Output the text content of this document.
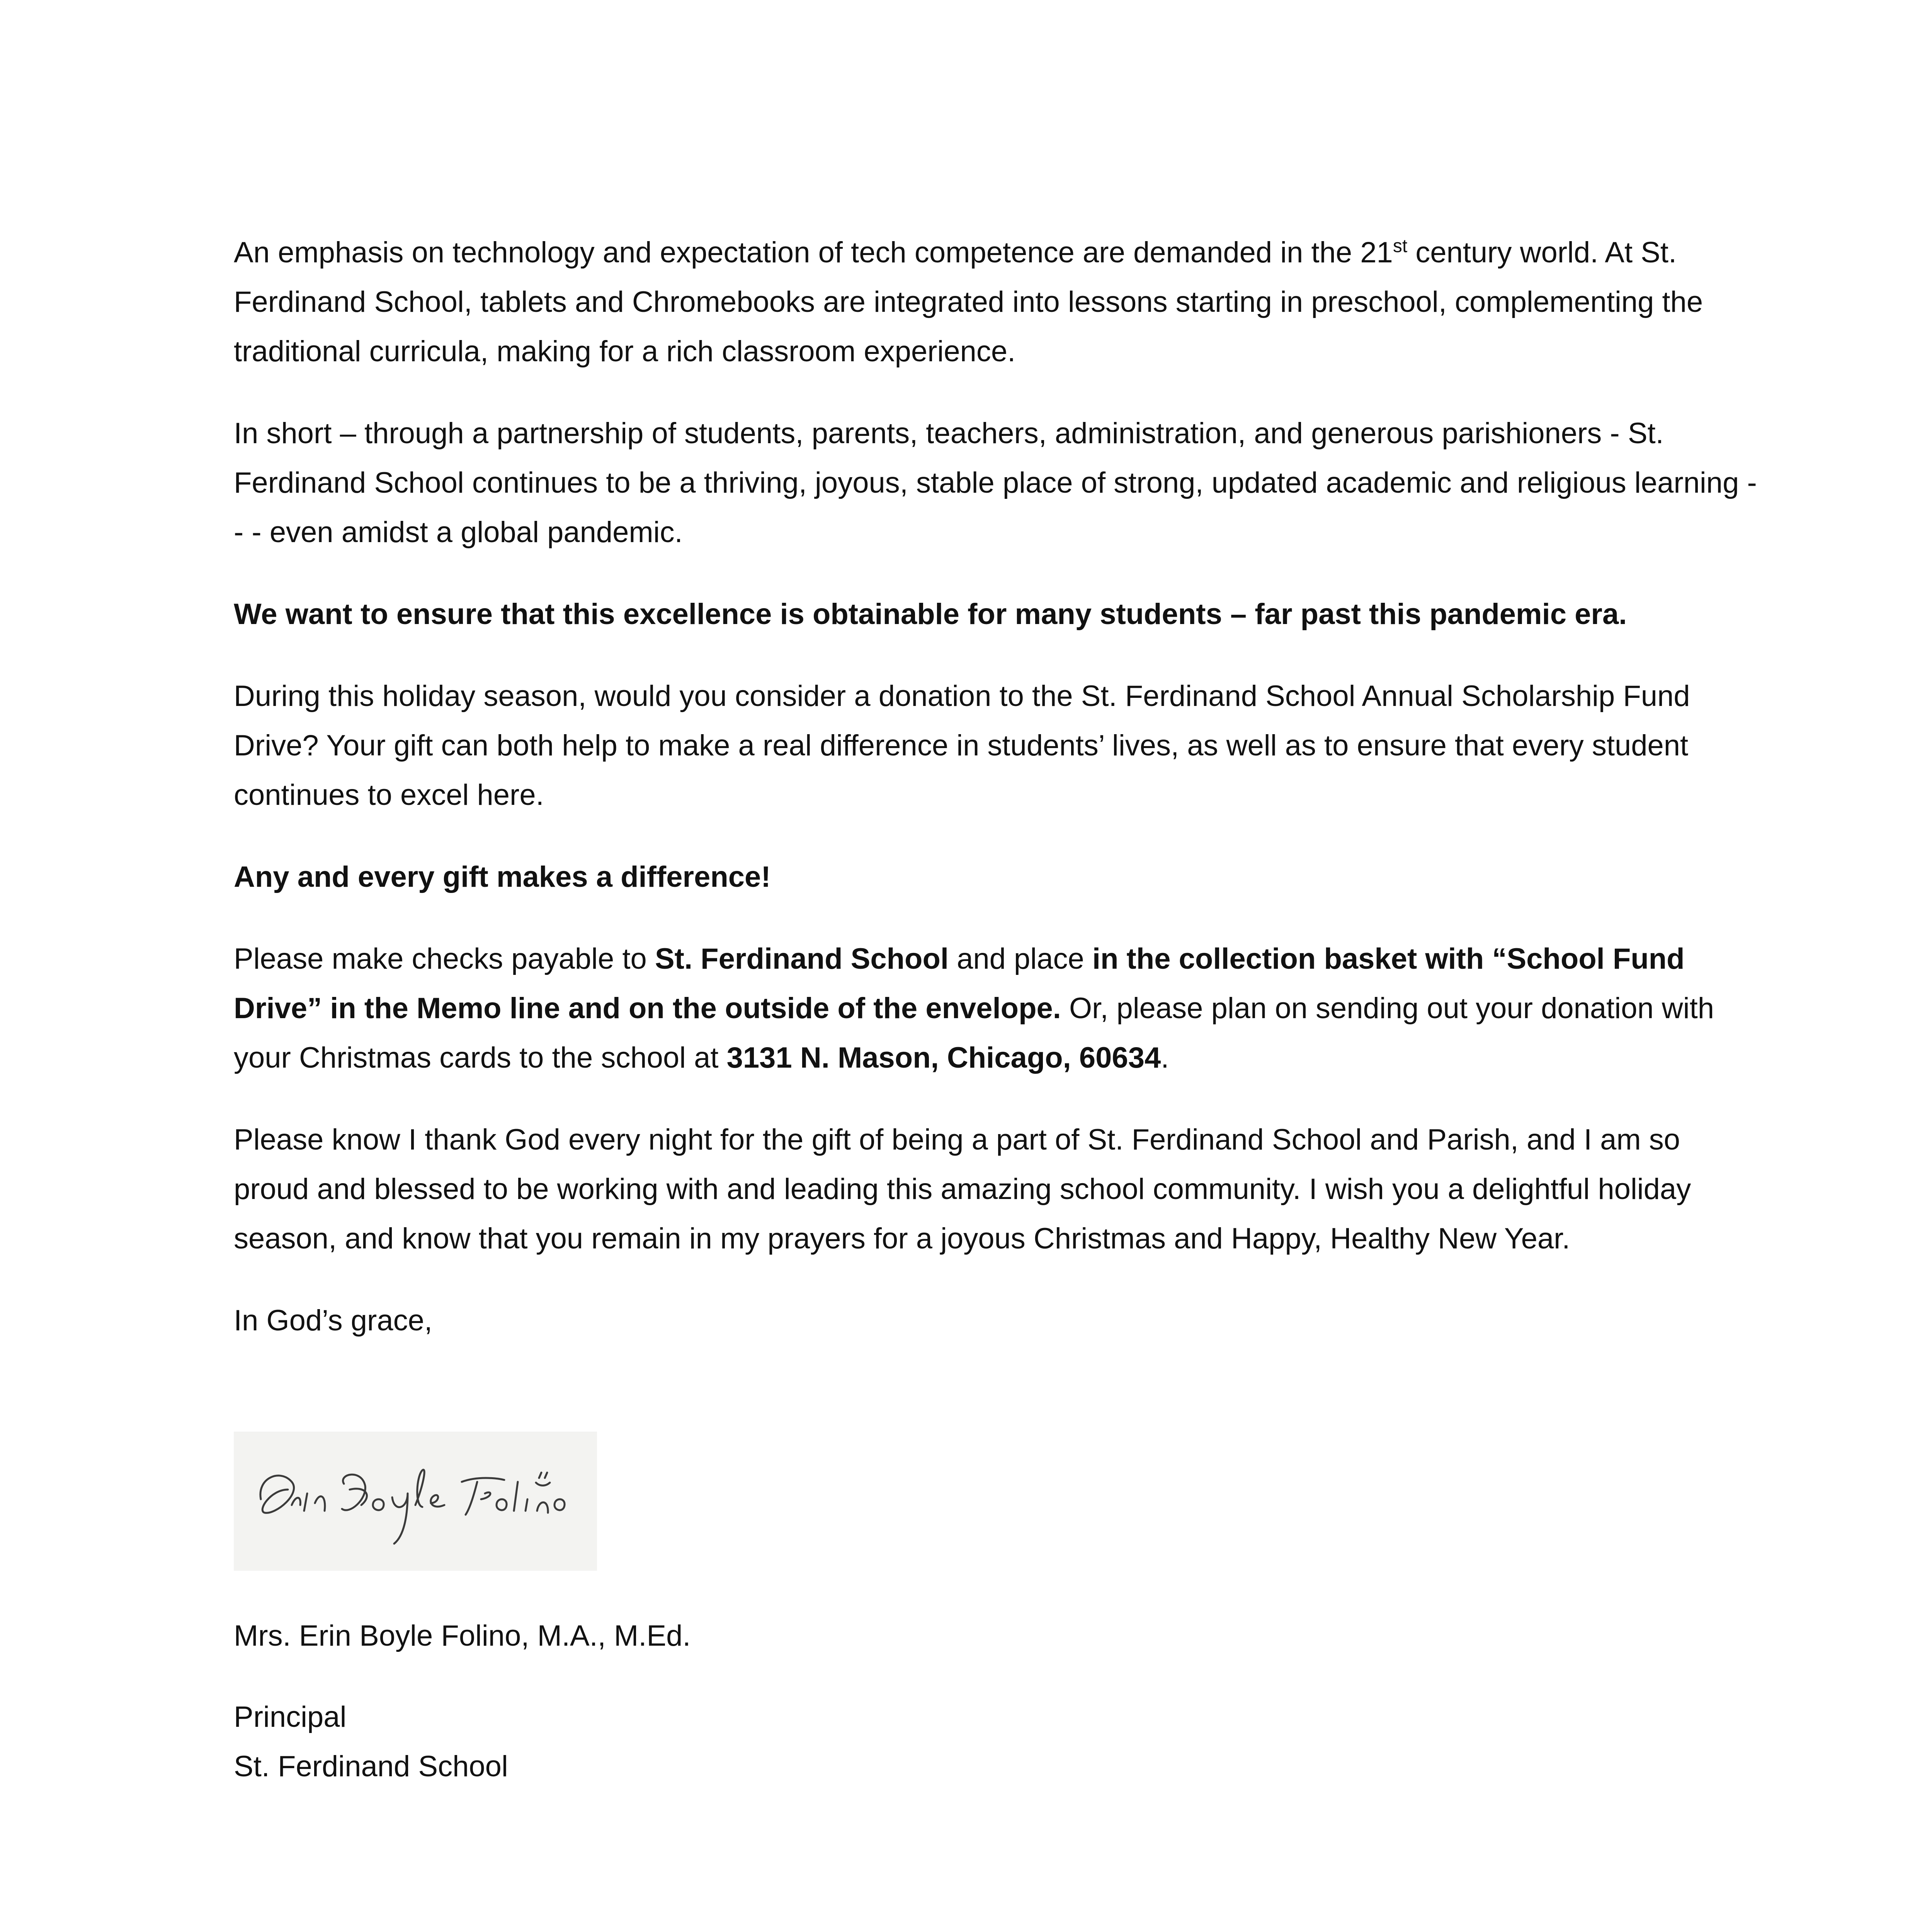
An emphasis on technology and expectation of tech competence are demanded in the 21st century world. At St. Ferdinand School, tablets and Chromebooks are integrated into lessons starting in preschool, complementing the traditional curricula, making for a rich classroom experience.

In short – through a partnership of students, parents, teachers, administration, and generous parishioners - St. Ferdinand School continues to be a thriving, joyous, stable place of strong, updated academic and religious learning - - - even amidst a global pandemic.

We want to ensure that this excellence is obtainable for many students – far past this pandemic era.

During this holiday season, would you consider a donation to the St. Ferdinand School Annual Scholarship Fund Drive? Your gift can both help to make a real difference in students’ lives, as well as to ensure that every student continues to excel here.

Any and every gift makes a difference!

Please make checks payable to St. Ferdinand School and place in the collection basket with “School Fund Drive” in the Memo line and on the outside of the envelope. Or, please plan on sending out your donation with your Christmas cards to the school at 3131 N. Mason, Chicago, 60634.

Please know I thank God every night for the gift of being a part of St. Ferdinand School and Parish, and I am so proud and blessed to be working with and leading this amazing school community. I wish you a delightful holiday season, and know that you remain in my prayers for a joyous Christmas and Happy, Healthy New Year.

In God’s grace,

Mrs. Erin Boyle Folino, M.A., M.Ed.
Principal
St. Ferdinand School
